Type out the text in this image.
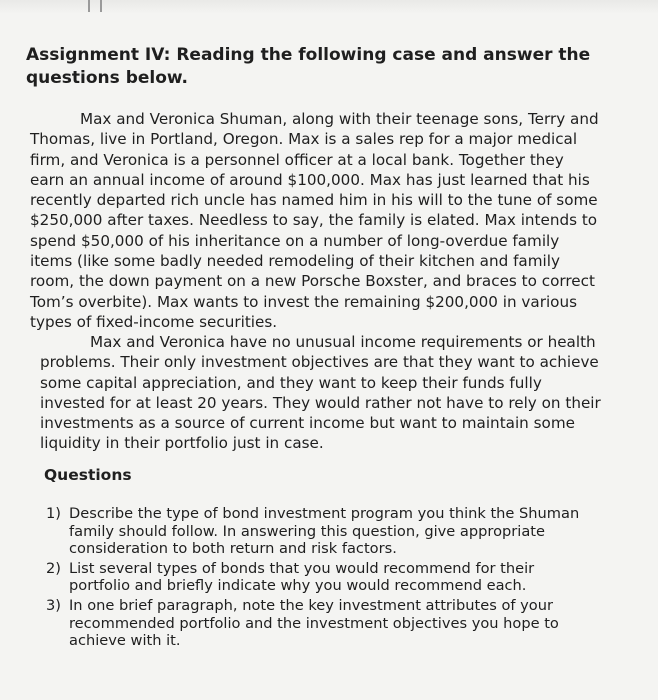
Assignment IV: Reading the following case and answer the
questions below.

Max and Veronica Shuman, along with their teenage sons, Terry and
Thomas, live in Portland, Oregon. Max is a sales rep for a major medical
firm, and Veronica is a personnel officer at a local bank. Together they
earn an annual income of around $100,000. Max has just learned that his
recently departed rich uncle has named him in his will to the tune of some
$250,000 after taxes. Needless to say, the family is elated. Max intends to
spend $50,000 of his inheritance on a number of long-overdue family
items (like some badly needed remodeling of their kitchen and family
room, the down payment on a new Porsche Boxster, and braces to correct
Tom’s overbite). Max wants to invest the remaining $200,000 in various
types of fixed-income securities.

Max and Veronica have no unusual income requirements or health
problems. Their only investment objectives are that they want to achieve
some capital appreciation, and they want to keep their funds fully
invested for at least 20 years. They would rather not have to rely on their
investments as a source of current income but want to maintain some
liquidity in their portfolio just in case.

Questions
1) Describe the type of bond investment program you think the Shuman
family should follow. In answering this question, give appropriate
consideration to both return and risk factors.
2) List several types of bonds that you would recommend for their
portfolio and briefly indicate why you would recommend each.
3) In one brief paragraph, note the key investment attributes of your
recommended portfolio and the investment objectives you hope to
achieve with it.
